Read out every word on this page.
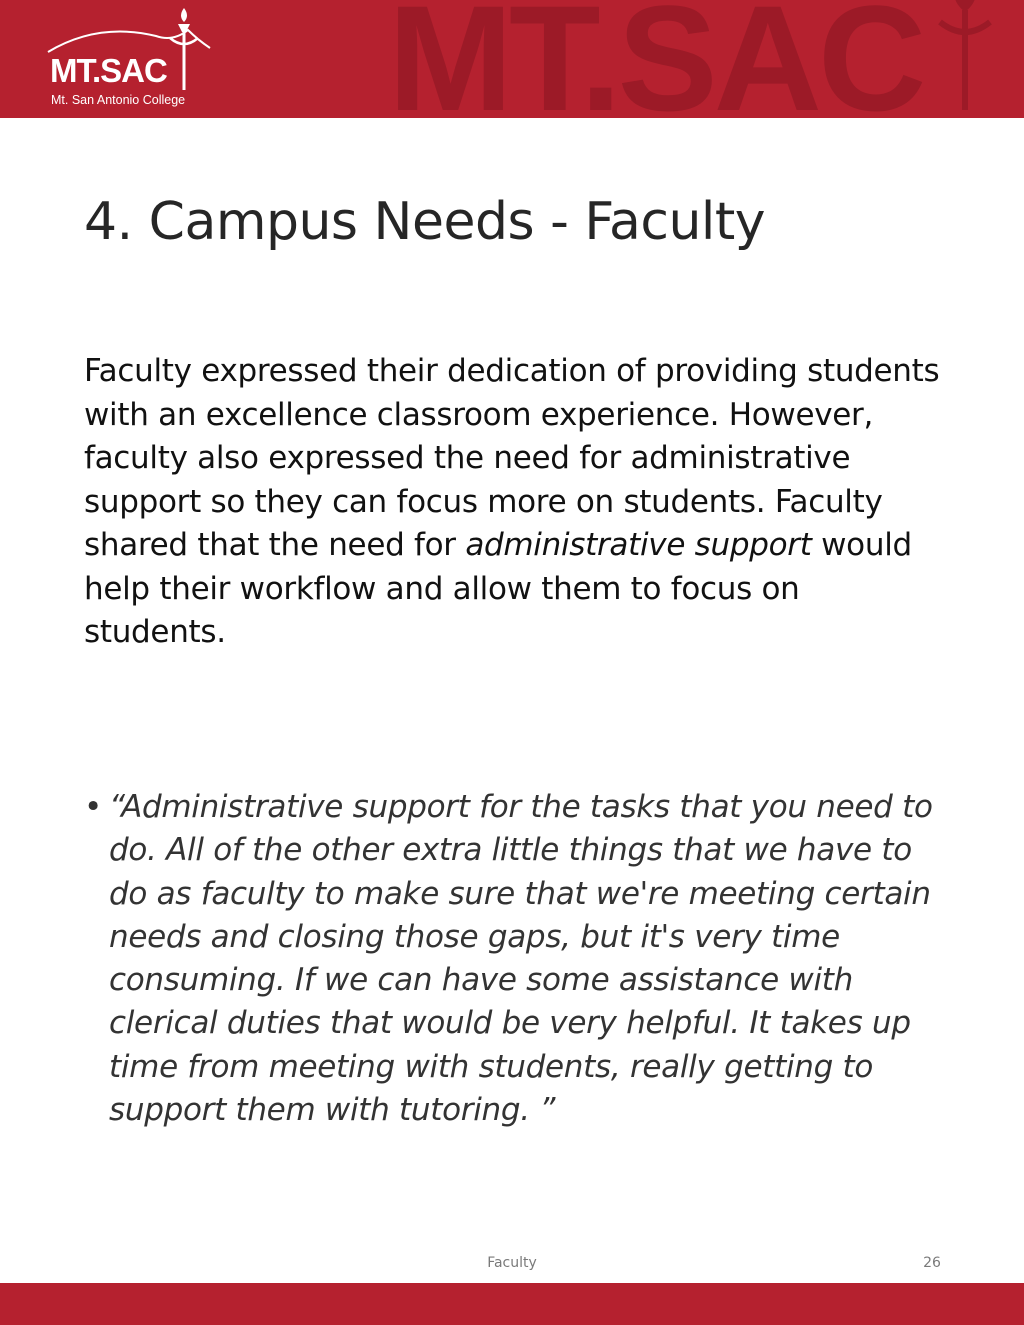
MT.SAC
MT.SAC
Mt. San Antonio College
4. Campus Needs - Faculty

Faculty expressed their dedication of providing students with an excellence classroom experience. However, faculty also expressed the need for administrative support so they can focus more on students. Faculty shared that the need for administrative support would help their workflow and allow them to focus on students.

• “Administrative support for the tasks that you need to do. All of the other extra little things that we have to do as faculty to make sure that we're meeting certain needs and closing those gaps, but it's very time consuming. If we can have some assistance with clerical duties that would be very helpful. It takes up time from meeting with students, really getting to support them with tutoring. ”
Faculty	26
